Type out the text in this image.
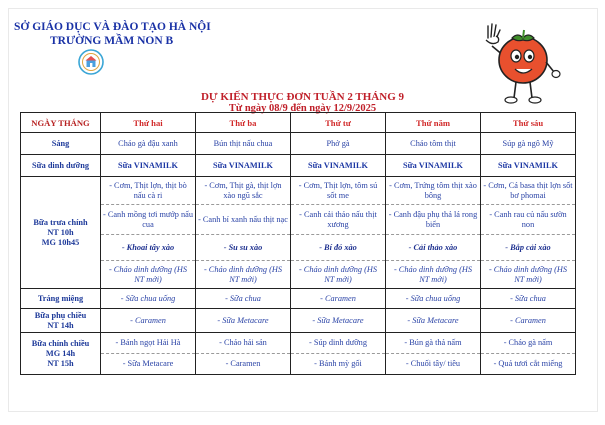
SỞ GIÁO DỤC VÀ ĐÀO TẠO HÀ NỘI
TRƯỜNG MẦM NON B
DỰ KIẾN THỰC ĐƠN TUẦN 2 THÁNG 9
Từ ngày 08/9 đến ngày 12/9/2025
NGÀY THÁNG	Thứ hai	Thứ ba	Thứ tư	Thứ năm	Thứ sáu
Sáng	Cháo gà đậu xanh	Bún thịt nấu chua	Phở gà	Cháo tôm thịt	Súp gà ngô Mỹ
Sữa dinh dưỡng	Sữa VINAMILK	Sữa VINAMILK	Sữa VINAMILK	Sữa VINAMILK	Sữa VINAMILK

Bữa trưa chính
NT 10h
MG 10h45	- Cơm, Thịt lợn, thịt bò nấu cà ri	- Cơm, Thịt gà, thịt lợn xào ngũ sắc	- Cơm, Thịt lợn, tôm sú sốt me	- Cơm, Trứng tôm thịt xào bông	- Cơm, Cá basa thịt lợn sốt bơ phomai
	- Canh mồng tơi mướp nấu cua	- Canh bí xanh nấu thịt nạc	- Canh cải thảo nấu thịt xương	- Canh đậu phụ thả lá rong biển	- Canh rau củ nấu sườn non
	- Khoai tây xào	- Su su xào	- Bí đỏ xào	- Cải thảo xào	- Bắp cải xào
	- Cháo dinh dưỡng (HS NT mới)	- Cháo dinh dưỡng (HS NT mới)	- Cháo dinh dưỡng (HS NT mới)	- Cháo dinh dưỡng (HS NT mới)	- Cháo dinh dưỡng (HS NT mới)
Tráng miệng	- Sữa chua uống	- Sữa chua	- Caramen	- Sữa chua uống	- Sữa chua

Bữa phụ chiều
NT 14h	- Caramen	- Sữa Metacare	- Sữa Metacare	- Sữa Metacare	- Caramen

Bữa chính chiều
MG 14h
NT 15h	- Bánh ngọt Hải Hà	- Cháo hải sản	- Súp dinh dưỡng	- Bún gà thả nấm	- Cháo gà nấm
	- Sữa Metacare	- Caramen	- Bánh mỳ gối	- Chuối tây/ tiêu	- Quả tươi cắt miếng
